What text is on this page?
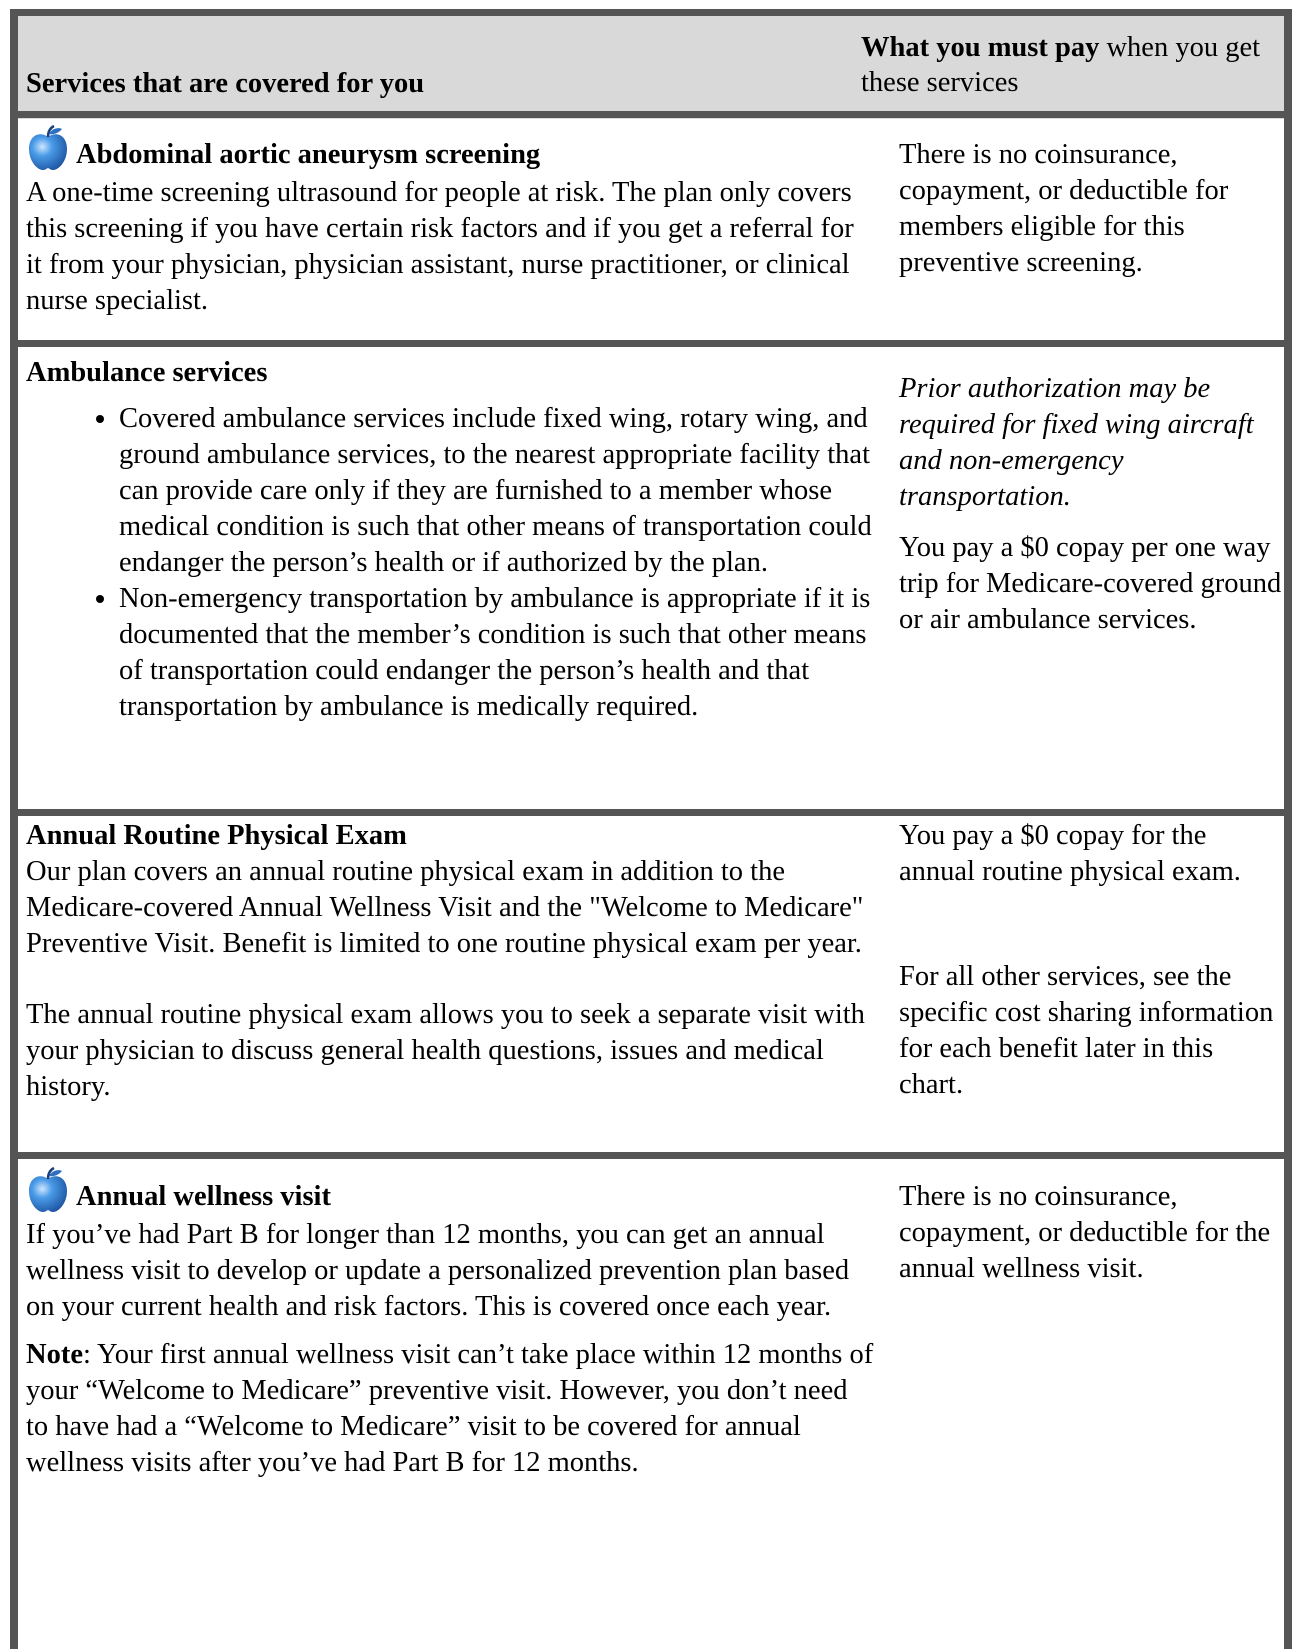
Services that are covered for you
What you must pay when you get these services

Abdominal aortic aneurysm screening

A one-time screening ultrasound for people at risk. The plan only covers this screening if you have certain risk factors and if you get a referral for it from your physician, physician assistant, nurse practitioner, or clinical nurse specialist.

There is no coinsurance, copayment, or deductible for members eligible for this preventive screening.

Ambulance services

• Covered ambulance services include fixed wing, rotary wing, and ground ambulance services, to the nearest appropriate facility that can provide care only if they are furnished to a member whose medical condition is such that other means of transportation could endanger the person’s health or if authorized by the plan.
• Non-emergency transportation by ambulance is appropriate if it is documented that the member’s condition is such that other means of transportation could endanger the person’s health and that transportation by ambulance is medically required.

Prior authorization may be required for fixed wing aircraft and non-emergency transportation.

You pay a $0 copay per one way trip for Medicare-covered ground or air ambulance services.

Annual Routine Physical Exam

Our plan covers an annual routine physical exam in addition to the Medicare-covered Annual Wellness Visit and the "Welcome to Medicare" Preventive Visit. Benefit is limited to one routine physical exam per year.

The annual routine physical exam allows you to seek a separate visit with your physician to discuss general health questions, issues and medical history.

You pay a $0 copay for the annual routine physical exam.

For all other services, see the specific cost sharing information for each benefit later in this chart.

Annual wellness visit

If you’ve had Part B for longer than 12 months, you can get an annual wellness visit to develop or update a personalized prevention plan based on your current health and risk factors. This is covered once each year.

Note: Your first annual wellness visit can’t take place within 12 months of your “Welcome to Medicare” preventive visit. However, you don’t need to have had a “Welcome to Medicare” visit to be covered for annual wellness visits after you’ve had Part B for 12 months.

There is no coinsurance, copayment, or deductible for the annual wellness visit.
